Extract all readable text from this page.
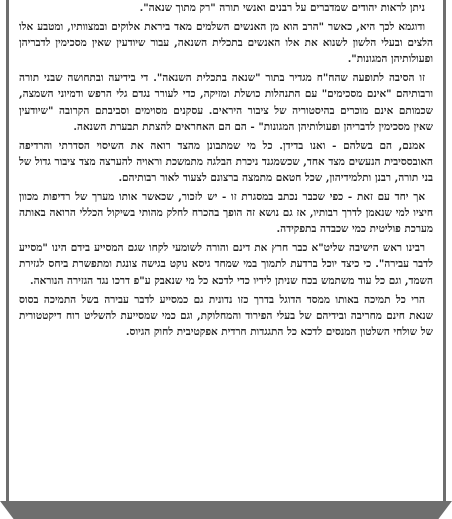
ניתן לראות יהודים שמדברים על רבנים ואנשי תורה "רק מתוך שנאה".

ודוגמא לכך היא, כאשר "הרב הוא מן האנשים השלמים מאד ביראת אלוקים ובמצוותיו, ומטבע אלו הלצים ובעלי הלשון לשנוא את אלו האנשים בתכלית השנאה, עבור שיודעין שאין מסכימין לדבריהן ופעולותיהן המגונות".

זו הסיבה לתופעה שהח"ח מגדיר בתור "שנאה בתכלית השנאה". די בידיעה ובתחושה שבני תורה ורבותיהם "אינם מסכימים" עם התנהלות כושלת ומזיקה, כדי לעורר נגדם גלי הרפש ודמיוני השמצה, שכמותם אינם מוכרים בהיסטוריה של ציבור היראים. עסקנים מסוימים וסביבתם הקרובה "שיודעין שאין מסכימין לדבריהן ופעולותיהן המגונות" - הם הם האחראים להצתת תבערת השנאה.

אמנם, הם בשלהם - ואנו בדידן. כל מי שמתבונן מהצד רואה את השיסוי הסדרתי והרדיפה האובססיבית הנעשים מצד אחד, שכשמגנד ניכרת הבלגה מתמשכת וראויה להערצה מצד ציבור גדול של בני תורה, רבנן ותלמידיהון, שכל חטאם מתמצה ברצונם לצעוד לאור רבותיהם.

אך יחד עם זאת - כפי שכבר נכתב במסגרת זו - יש לזכור, שכאשר אותו מערך של רדיפות מכוון חיציו למי שנאמן לדרך רבותיו, אז גם נושא זה הופך בהכרח לחלק מהותי בשיקול הכללי הרואה באותה מערכת פוליטית כמי שכבדה בתפקידה.

רבינו ראש הישיבה שליט"א כבר חרץ את דינם והורה לשומעי לקחו שגם המסייע בידם הינו "מסייע לדבר עבירה". כי כיצד יוכל ברדעת לתמוך במי שמחד גיסא נוקט בגישה צונגת ומתפשרת ביחס לגזירת השמד, וגם כל עוד משתמש בכח שניתן לידיו כדי לדכא כל מי שנאבק ע"פ דרכו נגד הגזירה הנוראה.

הרי כל תמיכה באותו ממסד הדוגל בדרך כזו נדונית גם כמסייע לדבר עבירה בשל התמיכה בסוס שנאת חינם מחריבה ובידיהם של בעלי הפירוד והמחלוקת, וגם כמי שמסייעת להשליט רוח דיקטטורית של שולחי השלטון המנסים לדכא כל התגגדות חרדית אפקטיבית לחוק הגיוס.
